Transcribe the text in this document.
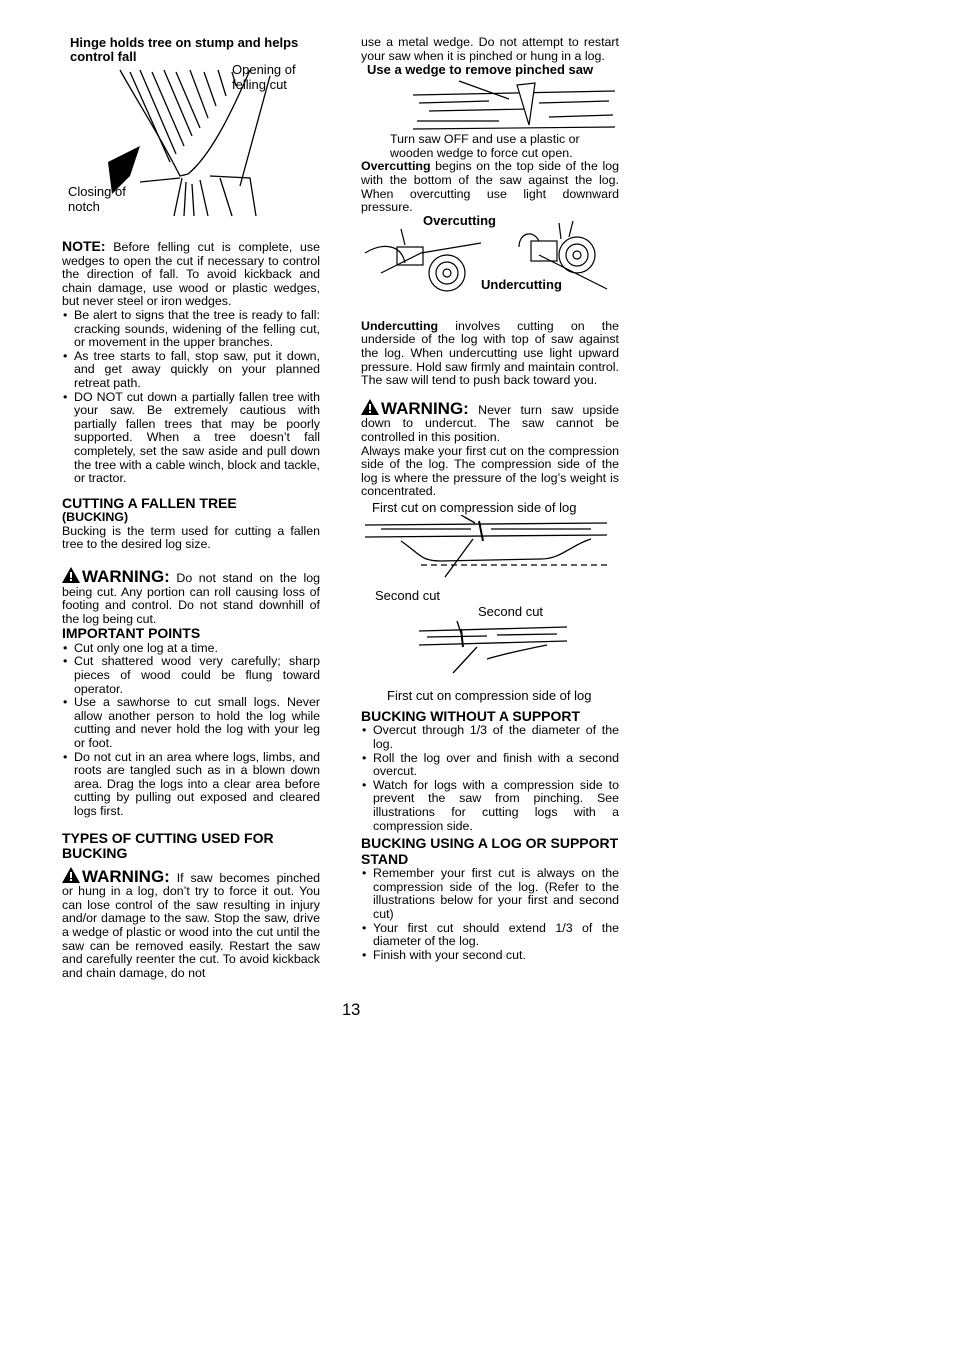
Hinge holds tree on stump and helps control fall
Opening of felling cut
Closing of notch

NOTE: Before felling cut is complete, use wedges to open the cut if necessary to control the direction of fall. To avoid kickback and chain damage, use wood or plastic wedges, but never steel or iron wedges.

• Be alert to signs that the tree is ready to fall: cracking sounds, widening of the felling cut, or movement in the upper branches.
• As tree starts to fall, stop saw, put it down, and get away quickly on your planned retreat path.
• DO NOT cut down a partially fallen tree with your saw. Be extremely cautious with partially fallen trees that may be poorly supported. When a tree doesn’t fall completely, set the saw aside and pull down the tree with a cable winch, block and tackle, or tractor.
CUTTING A FALLEN TREE
(BUCKING)

Bucking is the term used for cutting a fallen tree to the desired log size.

WARNING: Do not stand on the log being cut. Any portion can roll causing loss of footing and control. Do not stand downhill of the log being cut.

IMPORTANT POINTS
• Cut only one log at a time.
• Cut shattered wood very carefully; sharp pieces of wood could be flung toward operator.
• Use a sawhorse to cut small logs. Never allow another person to hold the log while cutting and never hold the log with your leg or foot.
• Do not cut in an area where logs, limbs, and roots are tangled such as in a blown down area. Drag the logs into a clear area before cutting by pulling out exposed and cleared logs first.
TYPES OF CUTTING USED FOR BUCKING

WARNING: If saw becomes pinched or hung in a log, don’t try to force it out. You can lose control of the saw resulting in injury and/or damage to the saw. Stop the saw, drive a wedge of plastic or wood into the cut until the saw can be removed easily. Restart the saw and carefully reenter the cut. To avoid kickback and chain damage, do not

use a metal wedge. Do not attempt to restart your saw when it is pinched or hung in a log.

Use a wedge to remove pinched saw

Turn saw OFF and use a plastic or wooden wedge to force cut open.

Overcutting begins on the top side of the log with the bottom of the saw against the log. When overcutting use light downward pressure.

Overcutting
Undercutting

Undercutting involves cutting on the underside of the log with top of saw against the log. When undercutting use light upward pressure. Hold saw firmly and maintain control. The saw will tend to push back toward you.

WARNING: Never turn saw upside down to undercut. The saw cannot be controlled in this position.

Always make your first cut on the compression side of the log. The compression side of the log is where the pressure of the log’s weight is concentrated.

First cut on compression side of log
Second cut
Second cut
First cut on compression side of log
BUCKING WITHOUT A SUPPORT
• Overcut through 1/3 of the diameter of the log.
• Roll the log over and finish with a second overcut.
• Watch for logs with a compression side to prevent the saw from pinching. See illustrations for cutting logs with a compression side.
BUCKING USING A LOG OR SUPPORT STAND
• Remember your first cut is always on the compression side of the log. (Refer to the illustrations below for your first and second cut)
• Your first cut should extend 1/3 of the diameter of the log.
• Finish with your second cut.
13
